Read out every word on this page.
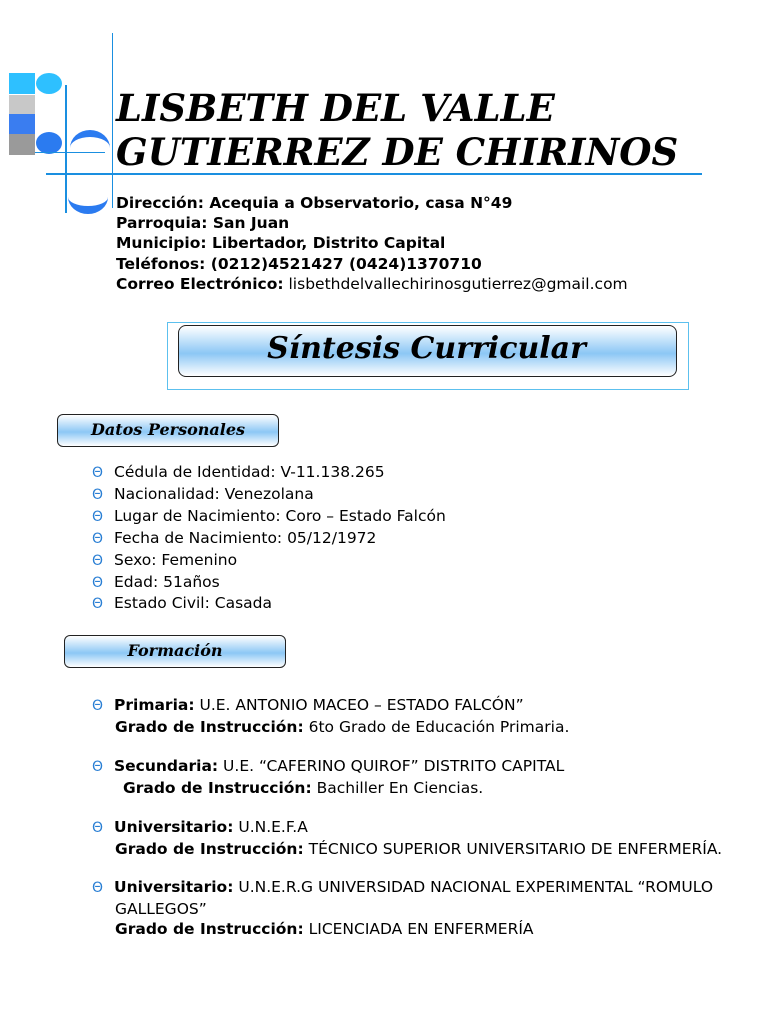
LISBETH DEL VALLE
GUTIERREZ DE CHIRINOS
Dirección: Acequia a Observatorio, casa N°49
Parroquia: San Juan
Municipio: Libertador, Distrito Capital
Teléfonos: (0212)4521427 (0424)1370710
Correo Electrónico: lisbethdelvallechirinosgutierrez@gmail.com
Síntesis Curricular
Datos Personales
Θ Cédula de Identidad: V-11.138.265
Θ Nacionalidad: Venezolana
Θ Lugar de Nacimiento: Coro – Estado Falcón
Θ Fecha de Nacimiento: 05/12/1972
Θ Sexo: Femenino
Θ Edad: 51años
Θ Estado Civil: Casada
Formación
Θ Primaria: U.E. ANTONIO MACEO – ESTADO FALCÓN”
Grado de Instrucción: 6to Grado de Educación Primaria.
Θ Secundaria: U.E. “CAFERINO QUIROF” DISTRITO CAPITAL
Grado de Instrucción: Bachiller En Ciencias.
Θ Universitario: U.N.E.F.A
Grado de Instrucción: TÉCNICO SUPERIOR UNIVERSITARIO DE ENFERMERÍA.
Θ Universitario: U.N.E.R.G UNIVERSIDAD NACIONAL EXPERIMENTAL “ROMULO
GALLEGOS”
Grado de Instrucción: LICENCIADA EN ENFERMERÍA
